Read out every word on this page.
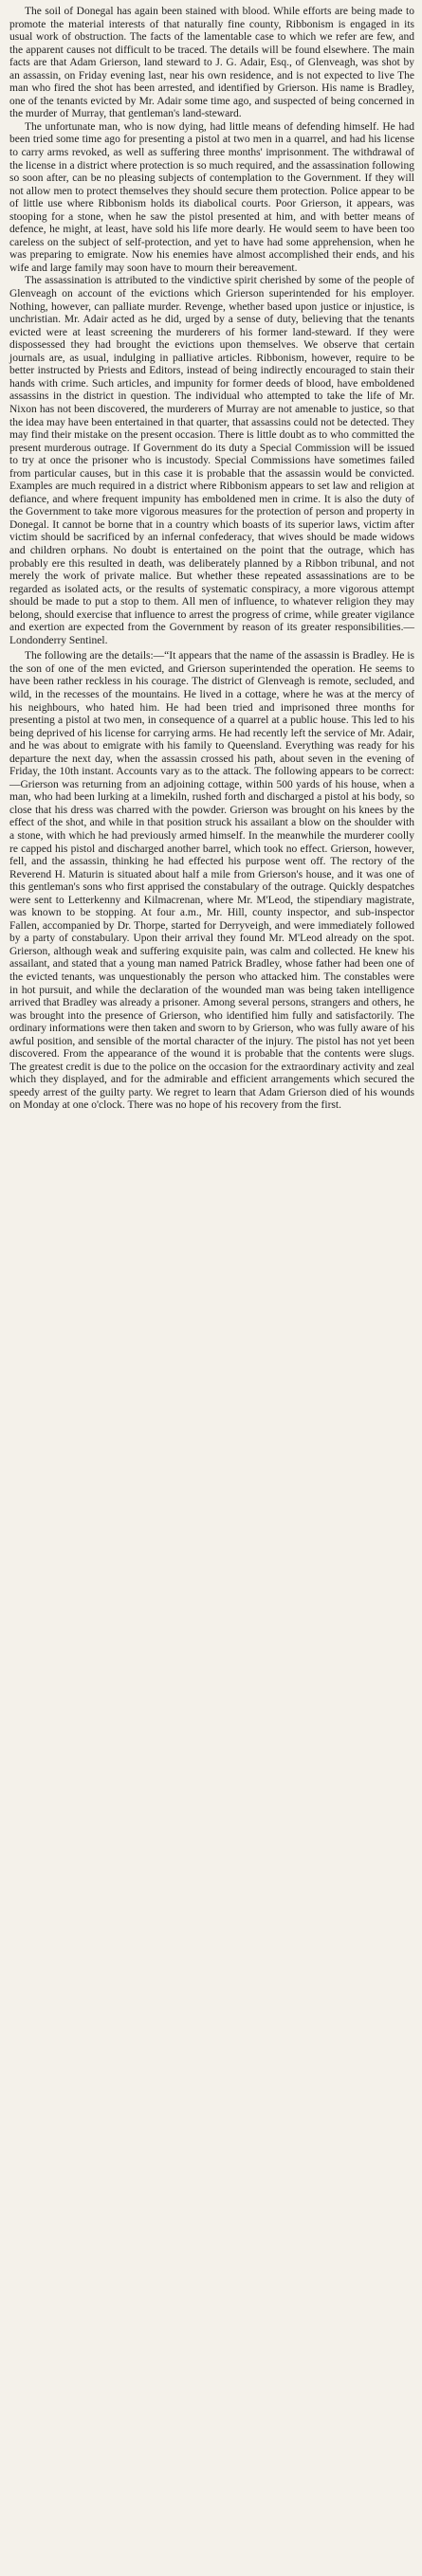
The soil of Donegal has again been stained with blood. While efforts are being made to promote the material interests of that naturally fine county, Ribbonism is engaged in its usual work of obstruction. The facts of the lamentable case to which we refer are few, and the apparent causes not difficult to be traced. The details will be found elsewhere. The main facts are that Adam Grierson, land steward to J. G. Adair, Esq., of Glenveagh, was shot by an assassin, on Friday evening last, near his own residence, and is not expected to live The man who fired the shot has been arrested, and identified by Grierson. His name is Bradley, one of the tenants evicted by Mr. Adair some time ago, and suspected of being concerned in the murder of Murray, that gentleman's land-steward.

The unfortunate man, who is now dying, had little means of defending himself. He had been tried some time ago for presenting a pistol at two men in a quarrel, and had his license to carry arms revoked, as well as suffering three months' imprisonment. The withdrawal of the license in a district where protection is so much required, and the assassination following so soon after, can be no pleasing subjects of contemplation to the Government. If they will not allow men to protect themselves they should secure them protection. Police appear to be of little use where Ribbonism holds its diabolical courts. Poor Grierson, it appears, was stooping for a stone, when he saw the pistol presented at him, and with better means of defence, he might, at least, have sold his life more dearly. He would seem to have been too careless on the subject of self-protection, and yet to have had some apprehension, when he was preparing to emigrate. Now his enemies have almost accomplished their ends, and his wife and large family may soon have to mourn their bereavement.

The assassination is attributed to the vindictive spirit cherished by some of the people of Glenveagh on account of the evictions which Grierson superintended for his employer. Nothing, however, can palliate murder. Revenge, whether based upon justice or injustice, is unchristian. Mr. Adair acted as he did, urged by a sense of duty, believing that the tenants evicted were at least screening the murderers of his former land-steward. If they were dispossessed they had brought the evictions upon themselves. We observe that certain journals are, as usual, indulging in palliative articles. Ribbonism, however, require to be better instructed by Priests and Editors, instead of being indirectly encouraged to stain their hands with crime. Such articles, and impunity for former deeds of blood, have emboldened assassins in the district in question. The individual who attempted to take the life of Mr. Nixon has not been discovered, the murderers of Murray are not amenable to justice, so that the idea may have been entertained in that quarter, that assassins could not be detected. They may find their mistake on the present occasion. There is little doubt as to who committed the present murderous outrage. If Government do its duty a Special Commission will be issued to try at once the prisoner who is incustody. Special Commissions have sometimes failed from particular causes, but in this case it is probable that the assassin would be convicted. Examples are much required in a district where Ribbonism appears to set law and religion at defiance, and where frequent impunity has emboldened men in crime. It is also the duty of the Government to take more vigorous measures for the protection of person and property in Donegal. It cannot be borne that in a country which boasts of its superior laws, victim after victim should be sacrificed by an infernal confederacy, that wives should be made widows and children orphans. No doubt is entertained on the point that the outrage, which has probably ere this resulted in death, was deliberately planned by a Ribbon tribunal, and not merely the work of private malice. But whether these repeated assassinations are to be regarded as isolated acts, or the results of systematic conspiracy, a more vigorous attempt should be made to put a stop to them. All men of influence, to whatever religion they may belong, should exercise that influence to arrest the progress of crime, while greater vigilance and exertion are expected from the Government by reason of its greater responsibilities.—Londonderry Sentinel.

The following are the details:—“It appears that the name of the assassin is Bradley. He is the son of one of the men evicted, and Grierson superintended the operation. He seems to have been rather reckless in his courage. The district of Glenveagh is remote, secluded, and wild, in the recesses of the mountains. He lived in a cottage, where he was at the mercy of his neighbours, who hated him. He had been tried and imprisoned three months for presenting a pistol at two men, in consequence of a quarrel at a public house. This led to his being deprived of his license for carrying arms. He had recently left the service of Mr. Adair, and he was about to emigrate with his family to Queensland. Everything was ready for his departure the next day, when the assassin crossed his path, about seven in the evening of Friday, the 10th instant. Accounts vary as to the attack. The following appears to be correct:—Grierson was returning from an adjoining cottage, within 500 yards of his house, when a man, who had been lurking at a limekiln, rushed forth and discharged a pistol at his body, so close that his dress was charred with the powder. Grierson was brought on his knees by the effect of the shot, and while in that position struck his assailant a blow on the shoulder with a stone, with which he had previously armed himself. In the meanwhile the murderer coolly re capped his pistol and discharged another barrel, which took no effect. Grierson, however, fell, and the assassin, thinking he had effected his purpose went off. The rectory of the Reverend H. Maturin is situated about half a mile from Grierson's house, and it was one of this gentleman's sons who first apprised the constabulary of the outrage. Quickly despatches were sent to Letterkenny and Kilmacrenan, where Mr. M'Leod, the stipendiary magistrate, was known to be stopping. At four a.m., Mr. Hill, county inspector, and sub-inspector Fallen, accompanied by Dr. Thorpe, started for Derryveigh, and were immediately followed by a party of constabulary. Upon their arrival they found Mr. M'Leod already on the spot. Grierson, although weak and suffering exquisite pain, was calm and collected. He knew his assailant, and stated that a young man named Patrick Bradley, whose father had been one of the evicted tenants, was unquestionably the person who attacked him. The constables were in hot pursuit, and while the declaration of the wounded man was being taken intelligence arrived that Bradley was already a prisoner. Among several persons, strangers and others, he was brought into the presence of Grierson, who identified him fully and satisfactorily. The ordinary informations were then taken and sworn to by Grierson, who was fully aware of his awful position, and sensible of the mortal character of the injury. The pistol has not yet been discovered. From the appearance of the wound it is probable that the contents were slugs. The greatest credit is due to the police on the occasion for the extraordinary activity and zeal which they displayed, and for the admirable and efficient arrangements which secured the speedy arrest of the guilty party. We regret to learn that Adam Grierson died of his wounds on Monday at one o'clock. There was no hope of his recovery from the first.
